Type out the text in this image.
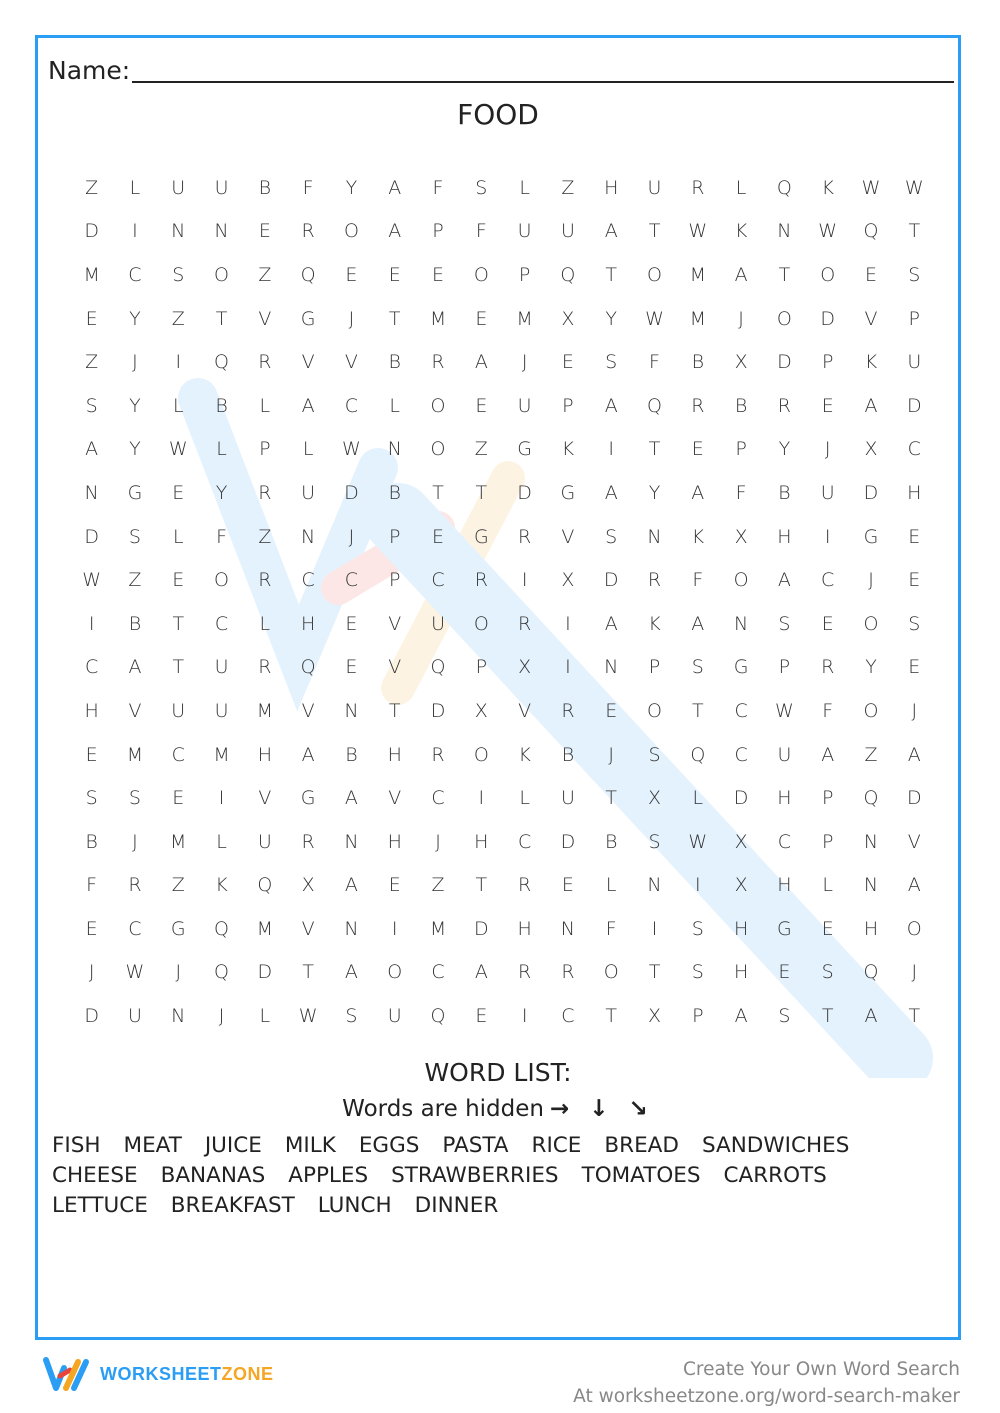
Name:
FOOD
Z	L	U	U	B	F	Y	A	F	S	L	Z	H	U	R	L	Q	K	W	W
D	I	N	N	E	R	O	A	P	F	U	U	A	T	W	K	N	W	Q	T
M	C	S	O	Z	Q	E	E	E	O	P	Q	T	O	M	A	T	O	E	S
E	Y	Z	T	V	G	J	T	M	E	M	X	Y	W	M	J	O	D	V	P
Z	J	I	Q	R	V	V	B	R	A	J	E	S	F	B	X	D	P	K	U
S	Y	L	B	L	A	C	L	O	E	U	P	A	Q	R	B	R	E	A	D
A	Y	W	L	P	L	W	N	O	Z	G	K	I	T	E	P	Y	J	X	C
N	G	E	Y	R	U	D	B	T	T	D	G	A	Y	A	F	B	U	D	H
D	S	L	F	Z	N	J	P	E	G	R	V	S	N	K	X	H	I	G	E
W	Z	E	O	R	C	C	P	C	R	I	X	D	R	F	O	A	C	J	E
I	B	T	C	L	H	E	V	U	O	R	I	A	K	A	N	S	E	O	S
C	A	T	U	R	Q	E	V	Q	P	X	I	N	P	S	G	P	R	Y	E
H	V	U	U	M	V	N	T	D	X	V	R	E	O	T	C	W	F	O	J
E	M	C	M	H	A	B	H	R	O	K	B	J	S	Q	C	U	A	Z	A
S	S	E	I	V	G	A	V	C	I	L	U	T	X	L	D	H	P	Q	D
B	J	M	L	U	R	N	H	J	H	C	D	B	S	W	X	C	P	N	V
F	R	Z	K	Q	X	A	E	Z	T	R	E	L	N	I	X	H	L	N	A
E	C	G	Q	M	V	N	I	M	D	H	N	F	I	S	H	G	E	H	O
J	W	J	Q	D	T	A	O	C	A	R	R	O	T	S	H	E	S	Q	J
D	U	N	J	L	W	S	U	Q	E	I	C	T	X	P	A	S	T	A	T
WORD LIST:
Words are hidden → ↓ ↘
FISH MEAT JUICE MILK EGGS PASTA RICE BREAD SANDWICHES
CHEESE BANANAS APPLES STRAWBERRIES TOMATOES CARROTS
LETTUCE BREAKFAST LUNCH DINNER
WORKSHEETZONE	Create Your Own Word Search
At worksheetzone.org/word-search-maker
